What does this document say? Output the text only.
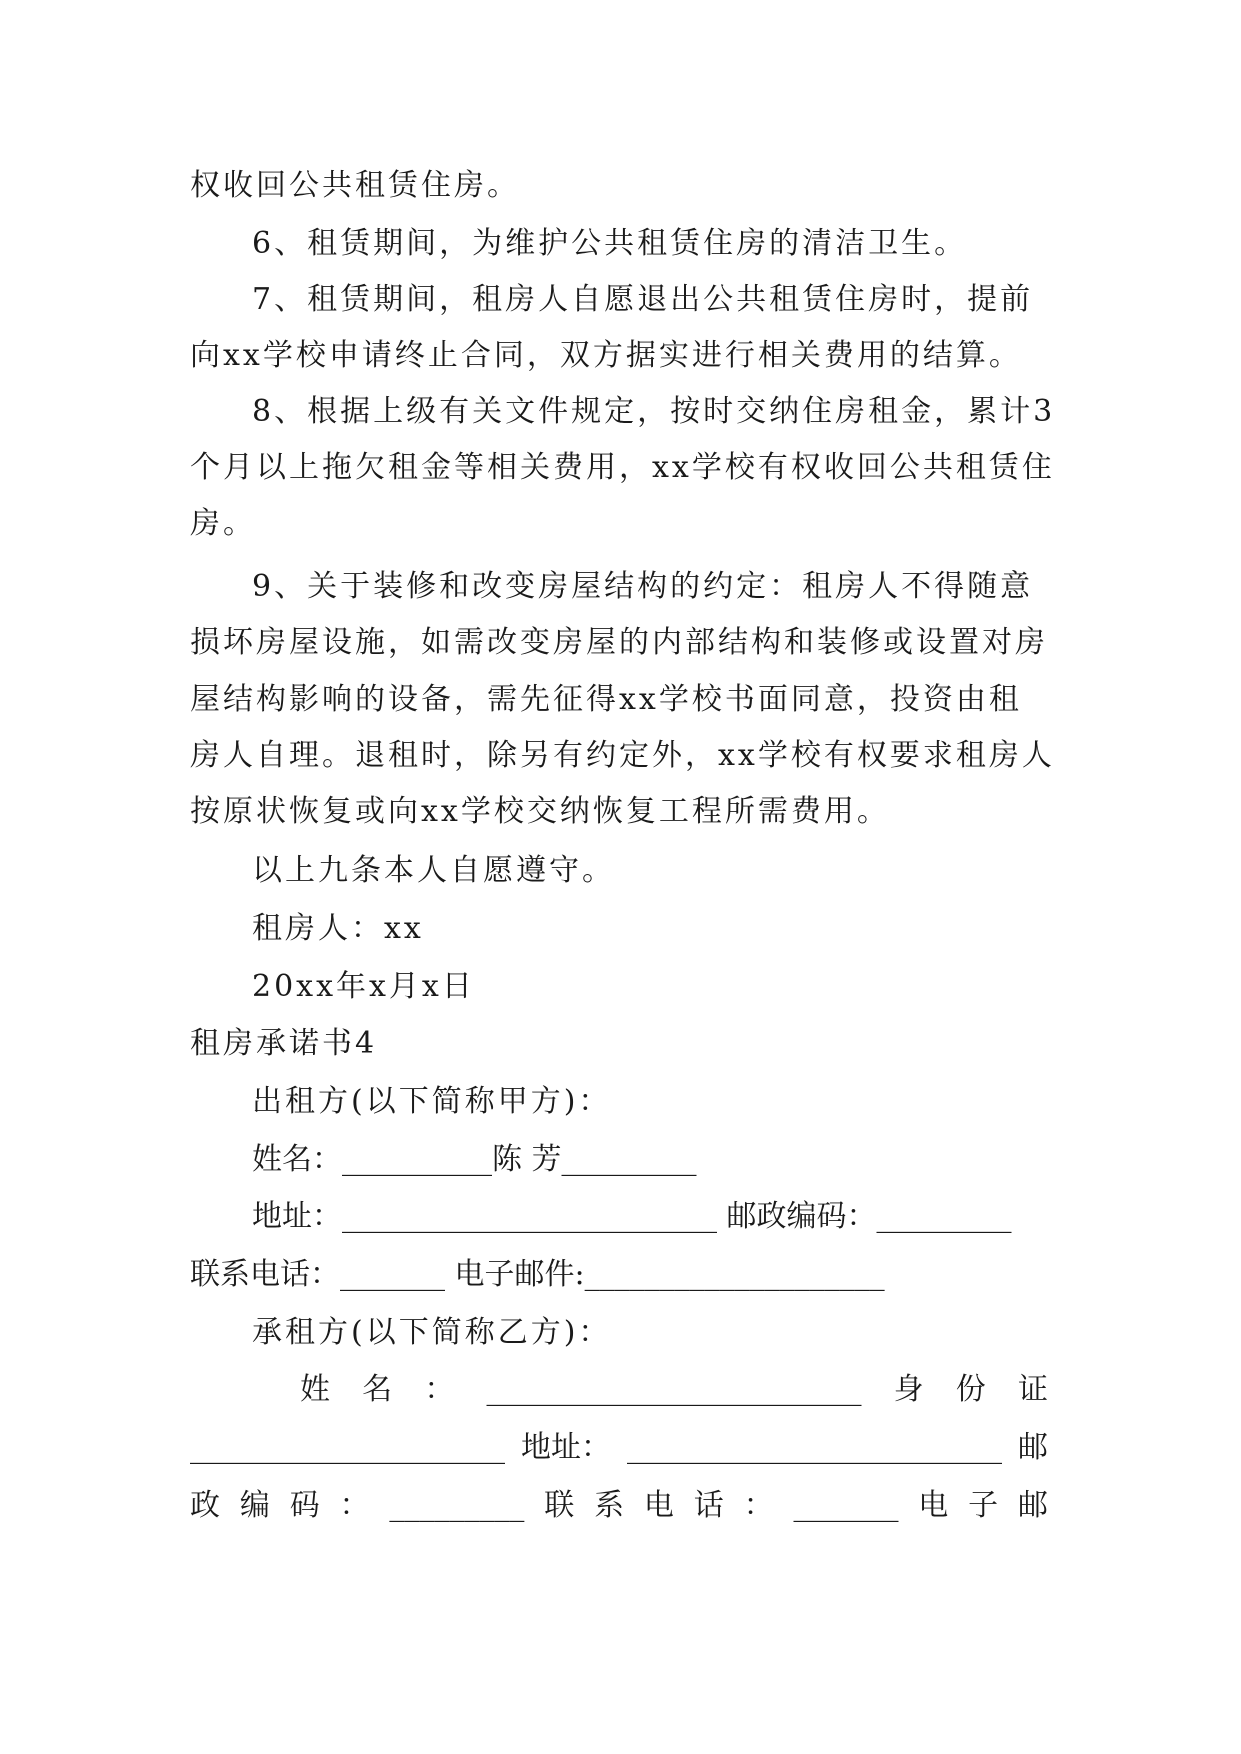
权收回公共租赁住房。
6、租赁期间，为维护公共租赁住房的清洁卫生。
7、租赁期间，租房人自愿退出公共租赁住房时，提前
向xx学校申请终止合同，双方据实进行相关费用的结算。
8、根据上级有关文件规定，按时交纳住房租金，累计3
个月以上拖欠租金等相关费用，xx学校有权收回公共租赁住
房。
9、关于装修和改变房屋结构的约定：租房人不得随意
损坏房屋设施，如需改变房屋的内部结构和装修或设置对房
屋结构影响的设备，需先征得xx学校书面同意，投资由租
房人自理。退租时，除另有约定外，xx学校有权要求租房人
按原状恢复或向xx学校交纳恢复工程所需费用。
以上九条本人自愿遵守。
租房人：xx
20xx年x月x日
租房承诺书4
出租方(以下简称甲方)：
姓名：__________陈 芳_________
地址：_________________________ 邮政编码：_________
联系电话：_______ 电子邮件:____________________
承租方(以下简称乙方)：
姓 名 ： _________________________ 身 份 证
_____________________ 地址： _________________________ 邮
政 编 码 ： _________ 联 系 电 话 ： _______ 电 子 邮
